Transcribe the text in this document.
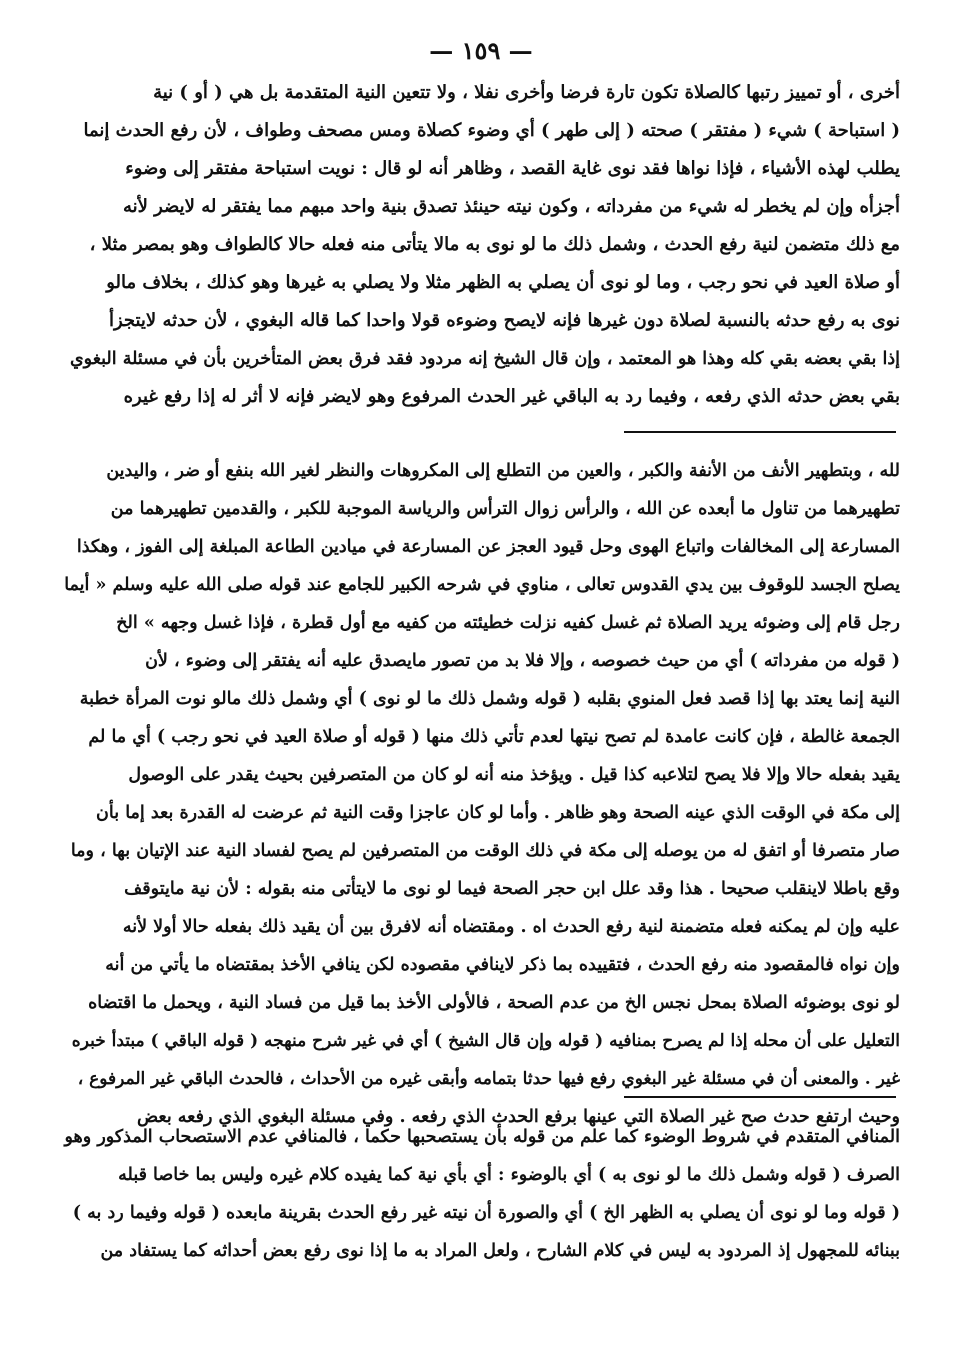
— ١٥٩ —
أخرى ، أو تمييز رتبها كالصلاة تكون تارة فرضا وأخرى نفلا ، ولا تتعين النية المتقدمة بل هي ( أو ) نية
( استباحة ) شيء ( مفتقر ) صحته ( إلى طهر ) أي وضوء كصلاة ومس مصحف وطواف ، لأن رفع الحدث إنما
يطلب لهذه الأشياء ، فإذا نواها فقد نوى غاية القصد ، وظاهر أنه لو قال : نويت استباحة مفتقر إلى وضوء
أجزأه وإن لم يخطر له شيء من مفرداته ، وكون نيته حينئذ تصدق بنية واحد مبهم مما يفتقر له لايضر لأنه
مع ذلك متضمن لنية رفع الحدث ، وشمل ذلك ما لو نوى به مالا يتأتى منه فعله حالا كالطواف وهو بمصر مثلا ،
أو صلاة العيد في نحو رجب ، وما لو نوى أن يصلي به الظهر مثلا ولا يصلي به غيرها وهو كذلك ، بخلاف مالو
نوى به رفع حدثه بالنسبة لصلاة دون غيرها فإنه لايصح وضوءه قولا واحدا كما قاله البغوي ، لأن حدثه لايتجزأ
إذا بقي بعضه بقي كله وهذا هو المعتمد ، وإن قال الشيخ إنه مردود فقد فرق بعض المتأخرين بأن في مسئلة البغوي
بقي بعض حدثه الذي رفعه ، وفيما رد به الباقي غير الحدث المرفوع وهو لايضر فإنه لا أثر له إذا رفع غيره
لله ، وبتطهير الأنف من الأنفة والكبر ، والعين من التطلع إلى المكروهات والنظر لغير الله بنفع أو ضر ، واليدين
تطهيرهما من تناول ما أبعده عن الله ، والرأس زوال الترأس والرياسة الموجبة للكبر ، والقدمين تطهيرهما من
المسارعة إلى المخالفات واتباع الهوى وحل قيود العجز عن المسارعة في ميادين الطاعة المبلغة إلى الفوز ، وهكذا
يصلح الجسد للوقوف بين يدي القدوس تعالى ، مناوي في شرحه الكبير للجامع عند قوله صلى الله عليه وسلم « أيما
رجل قام إلى وضوئه يريد الصلاة ثم غسل كفيه نزلت خطيئته من كفيه مع أول قطرة ، فإذا غسل وجهه » الخ
( قوله من مفرداته ) أي من حيث خصوصه ، وإلا فلا بد من تصور مايصدق عليه أنه يفتقر إلى وضوء ، لأن
النية إنما يعتد بها إذا قصد فعل المنوي بقلبه ( قوله وشمل ذلك ما لو نوى ) أي وشمل ذلك مالو نوت المرأة خطبة
الجمعة غالطة ، فإن كانت عامدة لم تصح نيتها لعدم تأتي ذلك منها ( قوله أو صلاة العيد في نحو رجب ) أي ما لم
يقيد بفعله حالا وإلا فلا يصح لتلاعبه كذا قيل . ويؤخذ منه أنه لو كان من المتصرفين بحيث يقدر على الوصول
إلى مكة في الوقت الذي عينه الصحة وهو ظاهر . وأما لو كان عاجزا وقت النية ثم عرضت له القدرة بعد إما بأن
صار متصرفا أو اتفق له من يوصله إلى مكة في ذلك الوقت من المتصرفين لم يصح لفساد النية عند الإتيان بها ، وما
وقع باطلا لاينقلب صحيحا . هذا وقد علل ابن حجر الصحة فيما لو نوى ما لايتأتى منه بقوله : لأن نية مايتوقف
عليه وإن لم يمكنه فعله متضمنة لنية رفع الحدث اه . ومقتضاه أنه لافرق بين أن يقيد ذلك بفعله حالا أولا لأنه
وإن نواه فالمقصود منه رفع الحدث ، فتقييده بما ذكر لاينافي مقصوده لكن ينافي الأخذ بمقتضاه ما يأتي من أنه
لو نوى بوضوئه الصلاة بمحل نجس الخ من عدم الصحة ، فالأولى الأخذ بما قيل من فساد النية ، ويحمل ما اقتضاه
التعليل على أن محله إذا لم يصرح بمنافيه ( قوله وإن قال الشيخ ) أي في غير شرح منهجه ( قوله الباقي ) مبتدأ خبره
غير . والمعنى أن في مسئلة غير البغوي رفع فيها حدثا بتمامه وأبقى غيره من الأحداث ، فالحدث الباقي غير المرفوع ،
وحيث ارتفع حدث صح غير الصلاة التي عينها برفع الحدث الذي رفعه . وفي مسئلة البغوي الذي رفعه بعض
المنافي المتقدم في شروط الوضوء كما علم من قوله بأن يستصحبها حكما ، فالمنافي عدم الاستصحاب المذكور وهو
الصرف ( قوله وشمل ذلك ما لو نوى به ) أي بالوضوء : أي بأي نية كما يفيده كلام غيره وليس بما خاصا قبله
( قوله وما لو نوى أن يصلي به الظهر الخ ) أي والصورة أن نيته غير رفع الحدث بقرينة مابعده ( قوله وفيما رد به )
ببنائه للمجهول إذ المردود به ليس في كلام الشارح ، ولعل المراد به ما إذا نوى رفع بعض أحداثه كما يستفاد من
